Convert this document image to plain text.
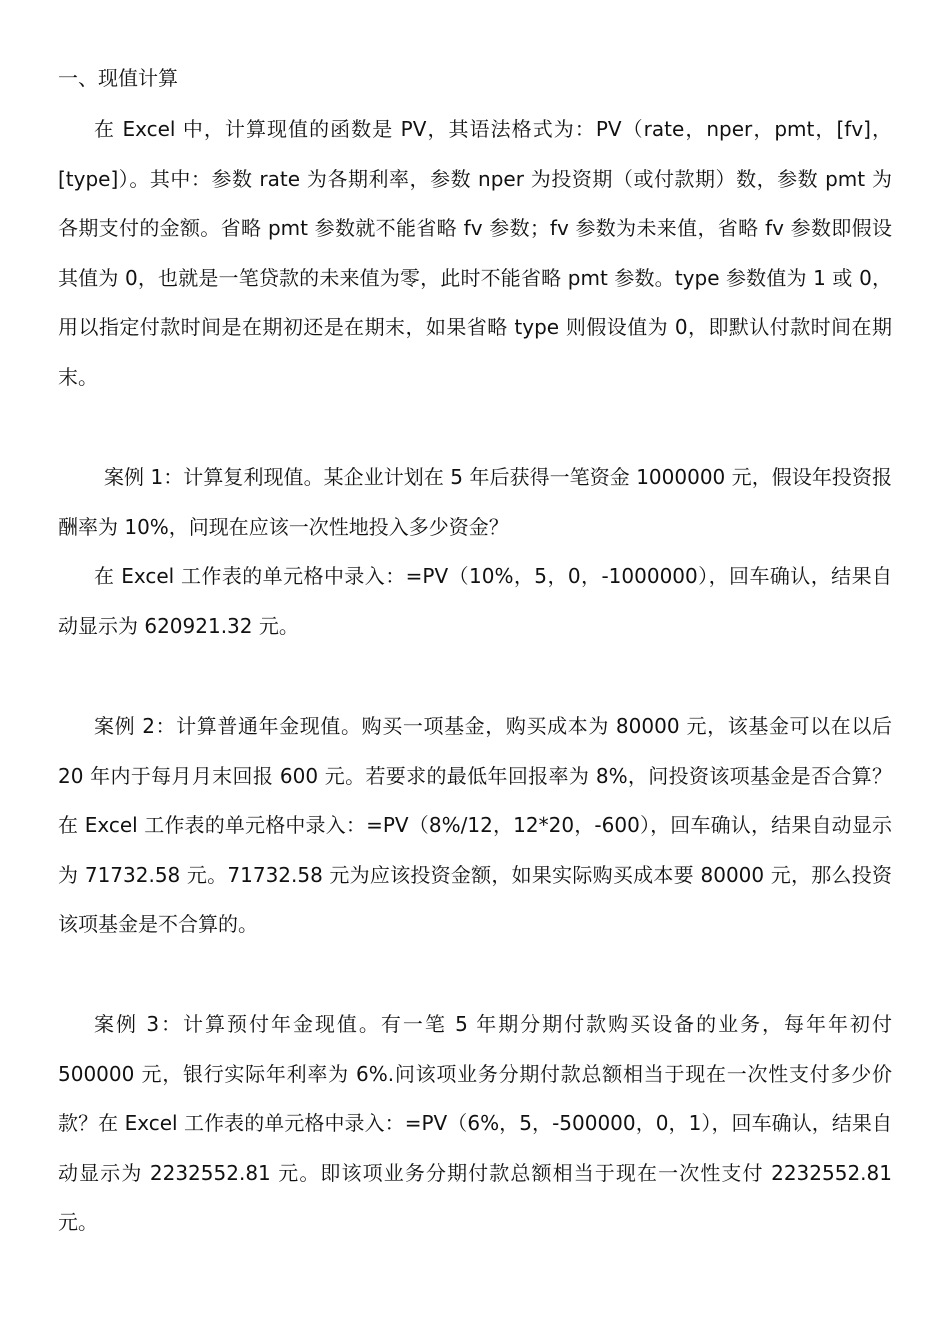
一、现值计算

在 Excel 中，计算现值的函数是 PV，其语法格式为：PV（rate，nper，pmt，[fv]，[type]）。其中：参数 rate 为各期利率，参数 nper 为投资期（或付款期）数，参数 pmt 为各期支付的金额。省略 pmt 参数就不能省略 fv 参数；fv 参数为未来值，省略 fv 参数即假设其值为 0，也就是一笔贷款的未来值为零，此时不能省略 pmt 参数。type 参数值为 1 或 0，用以指定付款时间是在期初还是在期末，如果省略 type 则假设值为 0，即默认付款时间在期末。

案例 1：计算复利现值。某企业计划在 5 年后获得一笔资金 1000000 元，假设年投资报酬率为 10%，问现在应该一次性地投入多少资金？

在 Excel 工作表的单元格中录入：=PV（10%，5，0，-1000000），回车确认，结果自动显示为 620921.32 元。

案例 2：计算普通年金现值。购买一项基金，购买成本为 80000 元，该基金可以在以后 20 年内于每月月末回报 600 元。若要求的最低年回报率为 8%，问投资该项基金是否合算？在 Excel 工作表的单元格中录入：=PV（8%/12，12*20，-600），回车确认，结果自动显示为 71732.58 元。71732.58 元为应该投资金额，如果实际购买成本要 80000 元，那么投资该项基金是不合算的。

案例 3：计算预付年金现值。有一笔 5 年期分期付款购买设备的业务，每年年初付 500000 元，银行实际年利率为 6%.问该项业务分期付款总额相当于现在一次性支付多少价款？在 Excel 工作表的单元格中录入：=PV（6%，5，-500000，0，1），回车确认，结果自动显示为 2232552.81 元。即该项业务分期付款总额相当于现在一次性支付 2232552.81 元。
